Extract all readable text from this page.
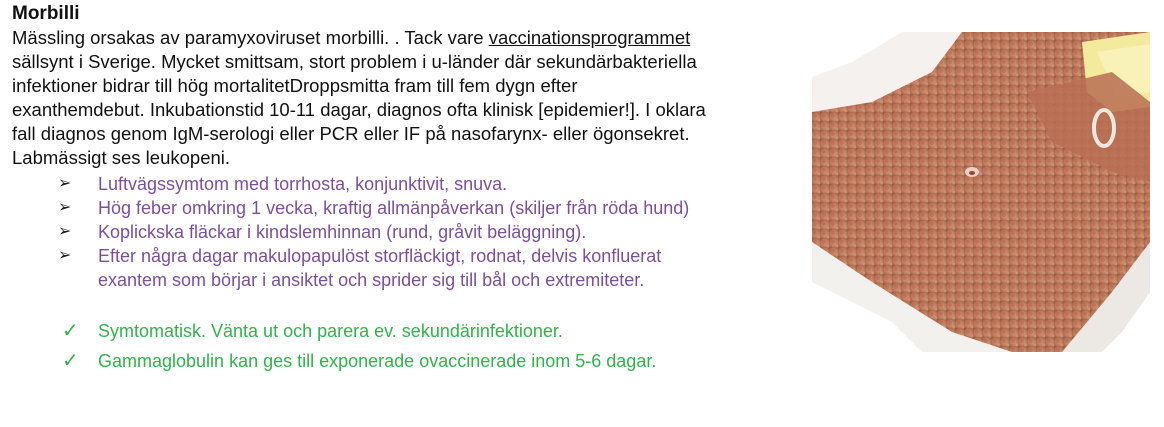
Morbilli

Mässling orsakas av paramyxoviruset morbilli. . Tack vare vaccinationsprogrammet

sällsynt i Sverige. Mycket smittsam, stort problem i u-länder där sekundärbakteriella

infektioner bidrar till hög mortalitetDroppsmitta fram till fem dygn efter

exanthemdebut. Inkubationstid 10-11 dagar, diagnos ofta klinisk [epidemier!]. I oklara

fall diagnos genom IgM-serologi eller PCR eller IF på nasofarynx- eller ögonsekret.

Labmässigt ses leukopeni.

➢ Luftvägssymtom med torrhosta, konjunktivit, snuva.
➢ Hög feber omkring 1 vecka, kraftig allmänpåverkan (skiljer från röda hund)
➢ Koplickska fläckar i kindslemhinnan (rund, gråvit beläggning).
➢ Efter några dagar makulopapulöst storfläckigt, rodnat, delvis konfluerat
exantem som börjar i ansiktet och sprider sig till bål och extremiteter.
✓ Symtomatisk. Vänta ut och parera ev. sekundärinfektioner.
✓ Gammaglobulin kan ges till exponerade ovaccinerade inom 5-6 dagar.
